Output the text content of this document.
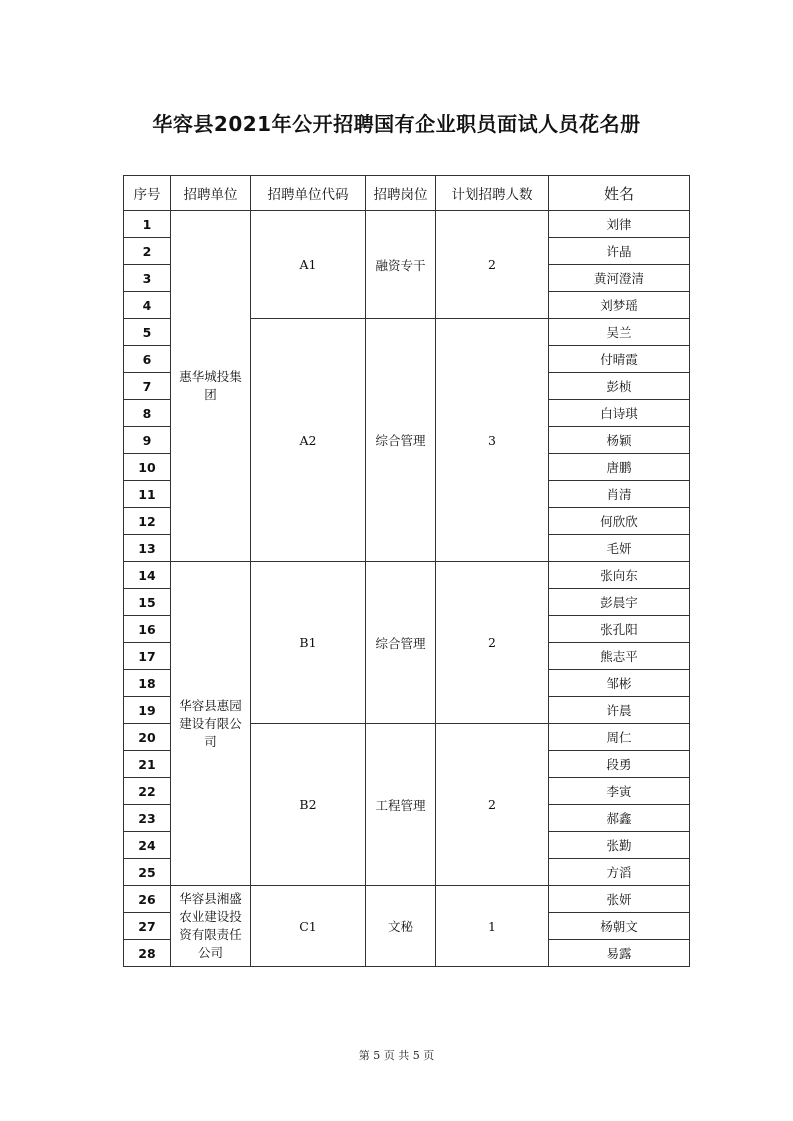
华容县2021年公开招聘国有企业职员面试人员花名册
序号	招聘单位	招聘单位代码	招聘岗位	计划招聘人数	姓名
1	惠华城投集团	A1	融资专干	2	刘律
2					许晶
3					黄河澄清
4					刘梦瑶
5		A2	综合管理	3	吴兰
6					付晴霞
7					彭桢
8					白诗琪
9					杨颖
10					唐鹏
11					肖清
12					何欣欣
13					毛妍
14	华容县惠园建设有限公司	B1	综合管理	2	张向东
15					彭晨宇
16					张孔阳
17					熊志平
18					邹彬
19					许晨
20		B2	工程管理	2	周仁
21					段勇
22					李寅
23					郝鑫
24					张勤
25					方滔
26	华容县湘盛农业建设投资有限责任公司	C1	文秘	1	张妍
27					杨朝文
28					易露
第 5 页 共 5 页
